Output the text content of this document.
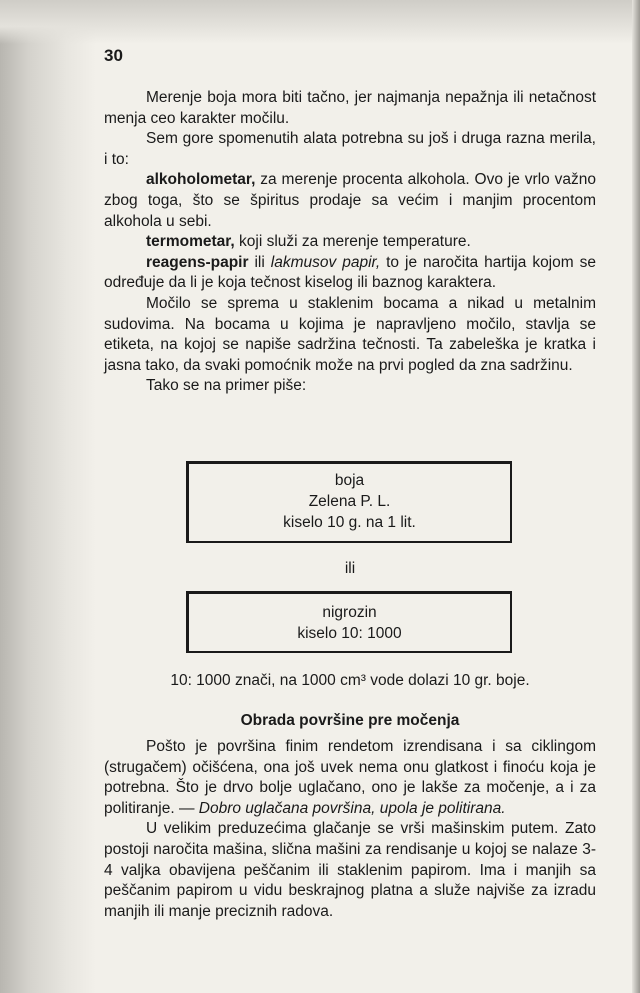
30

Merenje boja mora biti tačno, jer najmanja nepažnja ili netačnost menja ceo karakter močilu.

Sem gore spomenutih alata potrebna su još i druga razna merila, i to:

alkoholometar, za merenje procenta alkohola. Ovo je vrlo važno zbog toga, što se špiritus prodaje sa većim i manjim procentom alkohola u sebi.

termometar, koji služi za merenje temperature.

reagens-papir ili lakmusov papir, to je naročita hartija kojom se određuje da li je koja tečnost kiselog ili baznog karaktera.

Močilo se sprema u staklenim bocama a nikad u metalnim sudovima. Na bocama u kojima je napravljeno močilo, stavlja se etiketa, na kojoj se napiše sadržina tečnosti. Ta zabeleška je kratka i jasna tako, da svaki pomoćnik može na prvi pogled da zna sadržinu.

Tako se na primer piše:

boja
Zelena P. L.
kiselo 10 g. na 1 lit.
ili
nigrozin
kiselo 10: 1000
10: 1000 znači, na 1000 cm³ vode dolazi 10 gr. boje.
Obrada površine pre močenja

Pošto je površina finim rendetom izrendisana i sa ciklingom (strugačem) očišćena, ona još uvek nema onu glatkost i finoću koja je potrebna. Što je drvo bolje uglačano, ono je lakše za močenje, a i za politiranje. — Dobro uglačana površina, upola je politirana.

U velikim preduzećima glačanje se vrši mašinskim putem. Zato postoji naročita mašina, slična mašini za rendisanje u kojoj se nalaze 3-4 valjka obavijena peščanim ili staklenim papirom. Ima i manjih sa peščanim papirom u vidu beskrajnog platna a služe najviše za izradu manjih ili manje preciznih radova.
